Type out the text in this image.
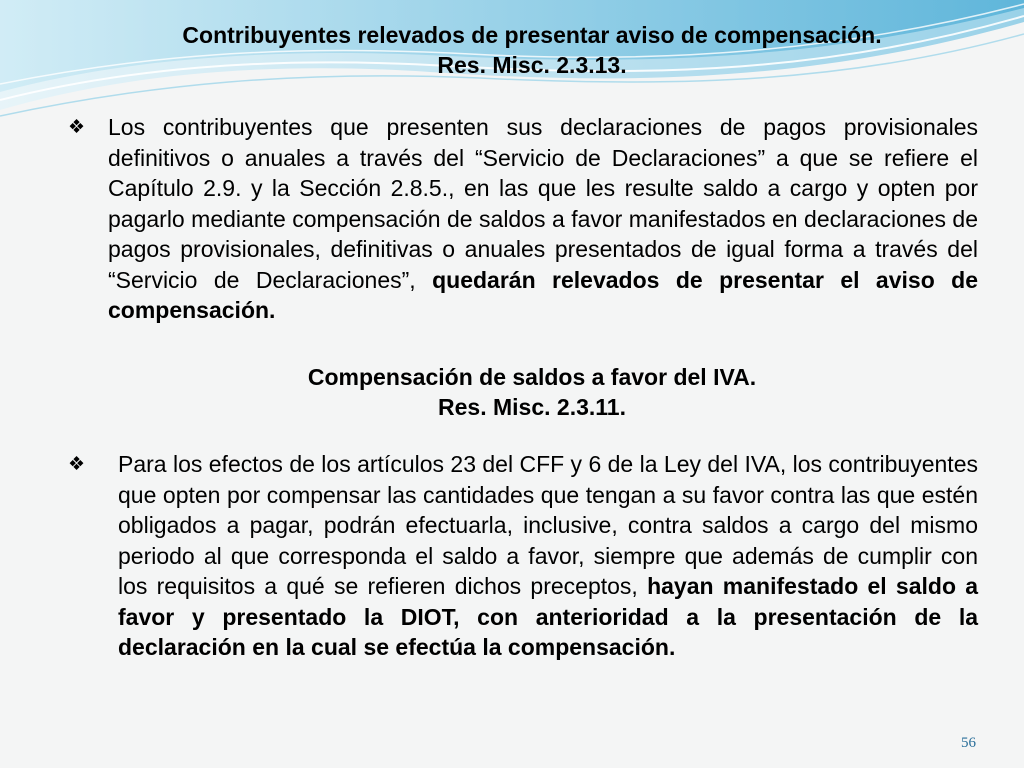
Contribuyentes relevados de presentar aviso de compensación.
Res. Misc. 2.3.13.
❖ Los contribuyentes que presenten sus declaraciones de pagos provisionales definitivos o anuales a través del “Servicio de Declaraciones” a que se refiere el Capítulo 2.9. y la Sección 2.8.5., en las que les resulte saldo a cargo y opten por pagarlo mediante compensación de saldos a favor manifestados en declaraciones de pagos provisionales, definitivas o anuales presentados de igual forma a través del “Servicio de Declaraciones”, quedarán relevados de presentar el aviso de compensación.

Compensación de saldos a favor del IVA.
Res. Misc. 2.3.11.
❖ Para los efectos de los artículos 23 del CFF y 6 de la Ley del IVA, los contribuyentes que opten por compensar las cantidades que tengan a su favor contra las que estén obligados a pagar, podrán efectuarla, inclusive, contra saldos a cargo del mismo periodo al que corresponda el saldo a favor, siempre que además de cumplir con los requisitos a qué se refieren dichos preceptos, hayan manifestado el saldo a favor y presentado la DIOT, con anterioridad a la presentación de la declaración en la cual se efectúa la compensación.

56
